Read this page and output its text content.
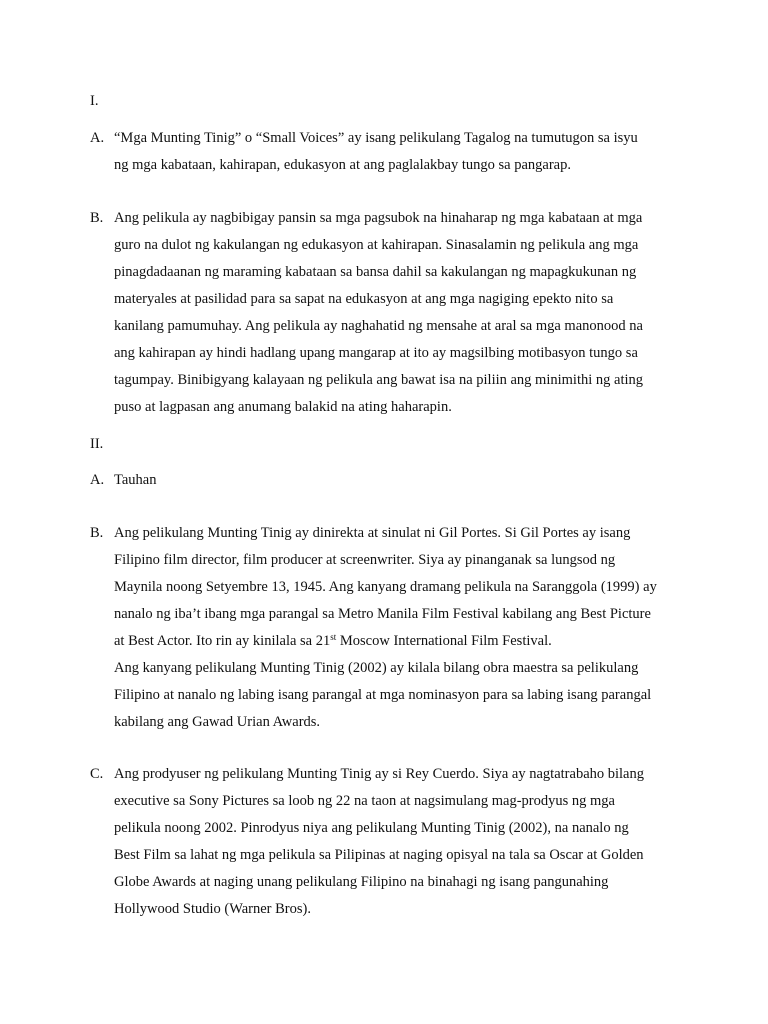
I.
A. “Mga Munting Tinig” o “Small Voices” ay isang pelikulang Tagalog na tumutugon sa isyu
ng mga kabataan, kahirapan, edukasyon at ang paglalakbay tungo sa pangarap.
B. Ang pelikula ay nagbibigay pansin sa mga pagsubok na hinaharap ng mga kabataan at mga
guro na dulot ng kakulangan ng edukasyon at kahirapan. Sinasalamin ng pelikula ang mga
pinagdadaanan ng maraming kabataan sa bansa dahil sa kakulangan ng mapagkukunan ng
materyales at pasilidad para sa sapat na edukasyon at ang mga nagiging epekto nito sa
kanilang pamumuhay. Ang pelikula ay naghahatid ng mensahe at aral sa mga manonood na
ang kahirapan ay hindi hadlang upang mangarap at ito ay magsilbing motibasyon tungo sa
tagumpay. Binibigyang kalayaan ng pelikula ang bawat isa na piliin ang minimithi ng ating
puso at lagpasan ang anumang balakid na ating haharapin.
II.
A. Tauhan
B. Ang pelikulang Munting Tinig ay dinirekta at sinulat ni Gil Portes. Si Gil Portes ay isang
Filipino film director, film producer at screenwriter. Siya ay pinanganak sa lungsod ng
Maynila noong Setyembre 13, 1945. Ang kanyang dramang pelikula na Saranggola (1999) ay
nanalo ng iba’t ibang mga parangal sa Metro Manila Film Festival kabilang ang Best Picture
at Best Actor. Ito rin ay kinilala sa 21st Moscow International Film Festival.
Ang kanyang pelikulang Munting Tinig (2002) ay kilala bilang obra maestra sa pelikulang
Filipino at nanalo ng labing isang parangal at mga nominasyon para sa labing isang parangal
kabilang ang Gawad Urian Awards.
C. Ang prodyuser ng pelikulang Munting Tinig ay si Rey Cuerdo. Siya ay nagtatrabaho bilang
executive sa Sony Pictures sa loob ng 22 na taon at nagsimulang mag-prodyus ng mga
pelikula noong 2002. Pinrodyus niya ang pelikulang Munting Tinig (2002), na nanalo ng
Best Film sa lahat ng mga pelikula sa Pilipinas at naging opisyal na tala sa Oscar at Golden
Globe Awards at naging unang pelikulang Filipino na binahagi ng isang pangunahing
Hollywood Studio (Warner Bros).
